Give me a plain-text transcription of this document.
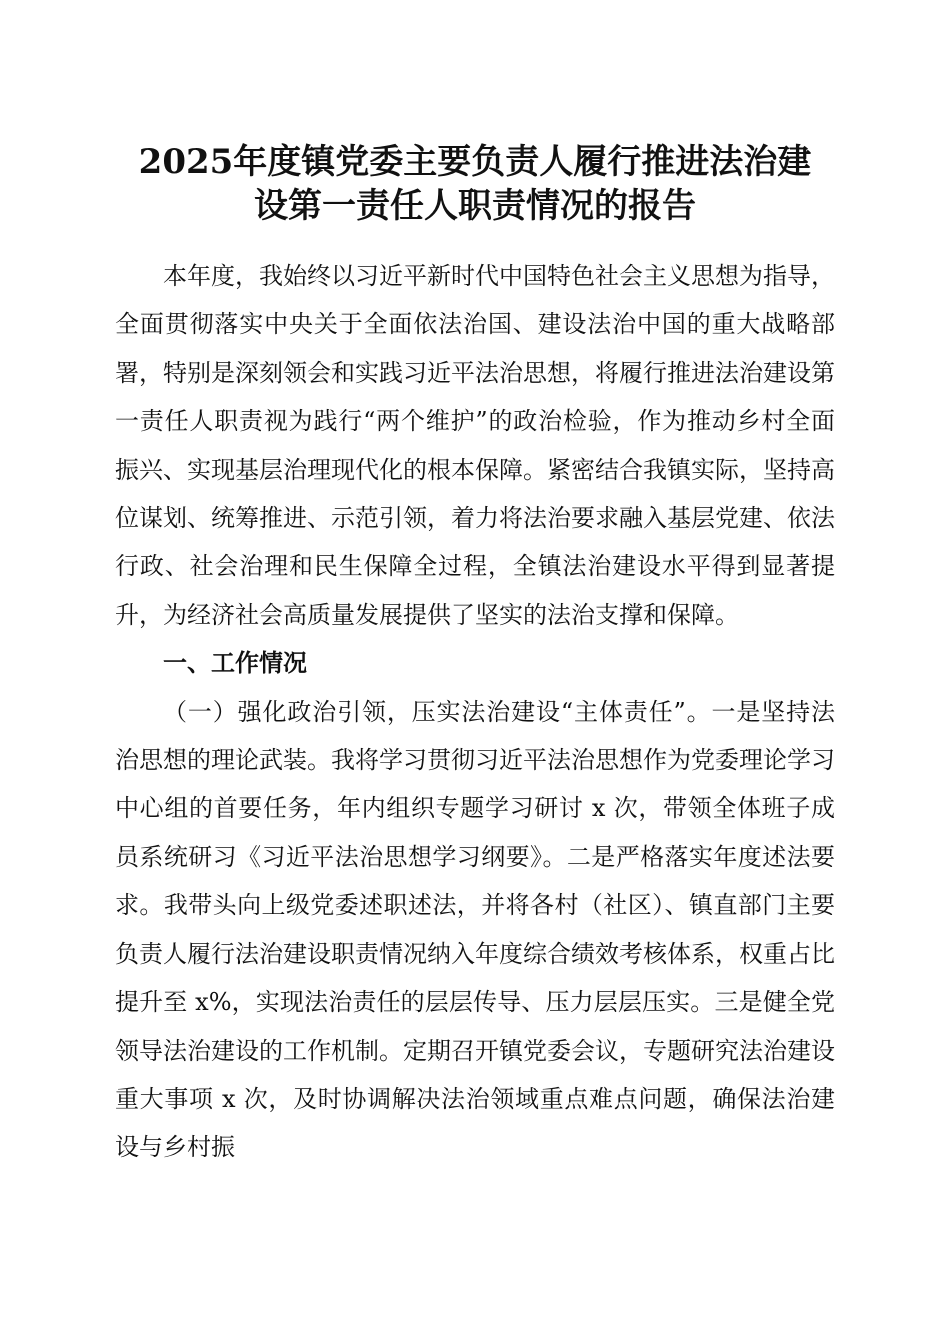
2025年度镇党委主要负责人履行推进法治建
设第一责任人职责情况的报告

本年度，我始终以习近平新时代中国特色社会主义思想为指导，全面贯彻落实中央关于全面依法治国、建设法治中国的重大战略部署，特别是深刻领会和实践习近平法治思想，将履行推进法治建设第一责任人职责视为践行“两个维护”的政治检验，作为推动乡村全面振兴、实现基层治理现代化的根本保障。紧密结合我镇实际，坚持高位谋划、统筹推进、示范引领，着力将法治要求融入基层党建、依法行政、社会治理和民生保障全过程，全镇法治建设水平得到显著提升，为经济社会高质量发展提供了坚实的法治支撑和保障。

一、工作情况

（一）强化政治引领，压实法治建设“主体责任”。一是坚持法治思想的理论武装。我将学习贯彻习近平法治思想作为党委理论学习中心组的首要任务，年内组织专题学习研讨 x 次，带领全体班子成员系统研习《习近平法治思想学习纲要》。二是严格落实年度述法要求。我带头向上级党委述职述法，并将各村（社区）、镇直部门主要负责人履行法治建设职责情况纳入年度综合绩效考核体系，权重占比提升至 x%，实现法治责任的层层传导、压力层层压实。三是健全党领导法治建设的工作机制。定期召开镇党委会议，专题研究法治建设重大事项 x 次，及时协调解决法治领域重点难点问题，确保法治建设与乡村振
